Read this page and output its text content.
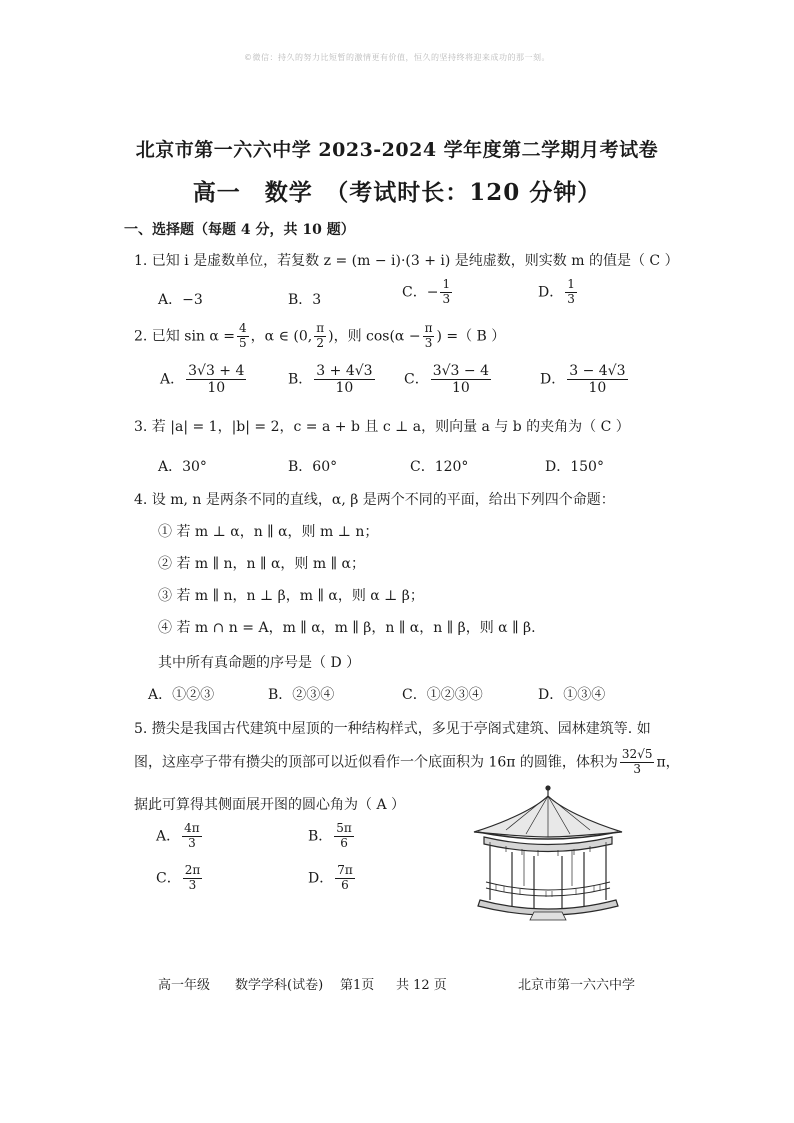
©微信：持久的努力比短暂的激情更有价值，恒久的坚持终将迎来成功的那一刻。
北京市第一六六中学 2023-2024 学年度第二学期月考试卷
高一　数学　（考试时长：120 分钟）
一、选择题（每题 4 分，共 10 题）
1. 已知 i 是虚数单位，若复数 z = (m − i)·(3 + i) 是纯虚数，则实数 m 的值是（ C ）
A．−3	B．3	C．− $\frac{1}{3}$	D． $\frac{1}{3}$
2. 已知 $\sin \alpha = \frac{4}{5}$ ，α ∈ (0, $\frac{\pi}{2}$ )，则 $\cos(\alpha - \frac{\pi}{3}$ ) =（ B ）
A． $\frac{3√3 + 4}{10}$	B． $\frac{3 + 4√3}{10}$ C． $\frac{3√3 - 4}{10}$	D． $\frac{3 - 4√3}{10}$
3. 若 |a| = 1，|b| = 2，c = a + b 且 c ⊥ a，则向量 a 与 b 的夹角为（ C ）
A．30°	B．60°	C．120°	D．150°
4. 设 m, n 是两条不同的直线，α, β 是两个不同的平面，给出下列四个命题：
① 若 m ⊥ α，n ∥ α，则 m ⊥ n；
② 若 m ∥ n，n ∥ α，则 m ∥ α；
③ 若 m ∥ n，n ⊥ β，m ∥ α，则 α ⊥ β；
④ 若 m ∩ n = A，m ∥ α，m ∥ β，n ∥ α，n ∥ β，则 α ∥ β.
其中所有真命题的序号是（ D ）
A．①②③	B．②③④	C．①②③④	D．①③④
5. 攒尖是我国古代建筑中屋顶的一种结构样式，多见于亭阁式建筑、园林建筑等. 如
图，这座亭子带有攒尖的顶部可以近似看作一个底面积为 16π 的圆锥，体积为 $\frac{32√5}{3}$ π，
据此可算得其侧面展开图的圆心角为（ A ）
A． $\frac{4\pi}{3}$	B． $\frac{5\pi}{6}$
C． $\frac{2\pi}{3}$	D． $\frac{7\pi}{6}$
高一年级 数学学科(试卷) 第1页 共 12 页	北京市第一六六中学
